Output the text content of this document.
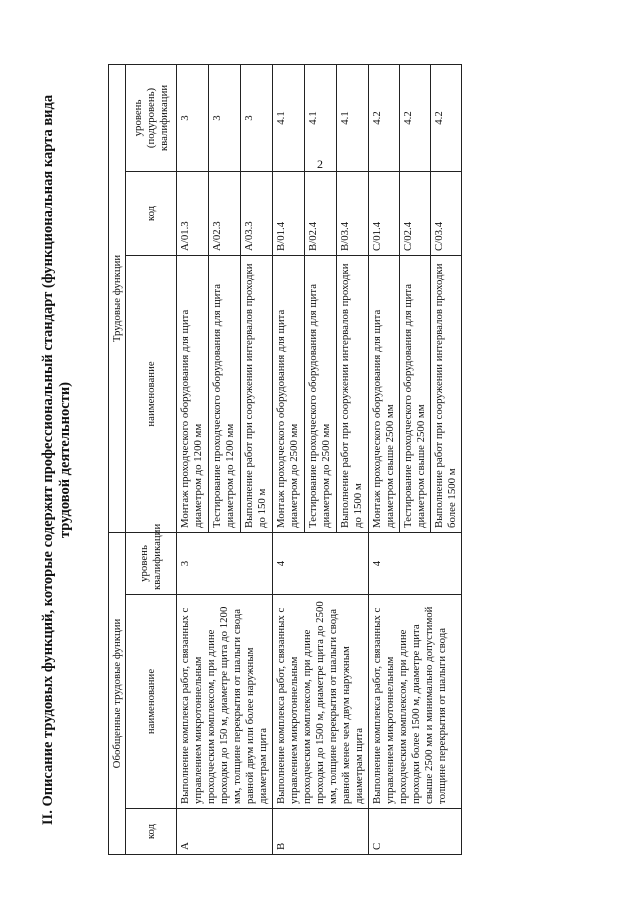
2
II. Описание трудовых функций, которые содержит профессиональный стандарт (функциональная карта вида трудовой деятельности)
Обобщенные трудовые функции			Трудовые функции		
код	наименование	уровень квалификации	наименование	код	уровень (подуровень) квалификации
A	Выполнение комплекса работ, связанных с управлением микротоннельным проходческим комплексом, при длине проходки до 150 м, диаметре щита до 1200 мм, толщине перекрытия от шалыги свода равной двум или более наружным диаметрам щита	3	Монтаж проходческого оборудования для щита диаметром до 1200 мм	A/01.3	3
			Тестирование проходческого оборудования для щита диаметром до 1200 мм	A/02.3	3
			Выполнение работ при сооружении интервалов проходки до 150 м	A/03.3	3
B	Выполнение комплекса работ, связанных с управлением микротоннельным проходческим комплексом, при длине проходки до 1500 м, диаметре щита до 2500 мм, толщине перекрытия от шалыги свода равной менее чем двум наружным диаметрам щита	4	Монтаж проходческого оборудования для щита диаметром до 2500 мм	B/01.4	4.1
			Тестирование проходческого оборудования для щита диаметром до 2500 мм	B/02.4	4.1
			Выполнение работ при сооружении интервалов проходки до 1500 м	B/03.4	4.1
C	Выполнение комплекса работ, связанных с управлением микротоннельным проходческим комплексом, при длине проходки более 1500 м, диаметре щита свыше 2500 мм и минимально допустимой толщине перекрытия от шалыги свода	4	Монтаж проходческого оборудования для щита диаметром свыше 2500 мм	C/01.4	4.2
			Тестирование проходческого оборудования для щита диаметром свыше 2500 мм	C/02.4	4.2
			Выполнение работ при сооружении интервалов проходки более 1500 м	C/03.4	4.2
